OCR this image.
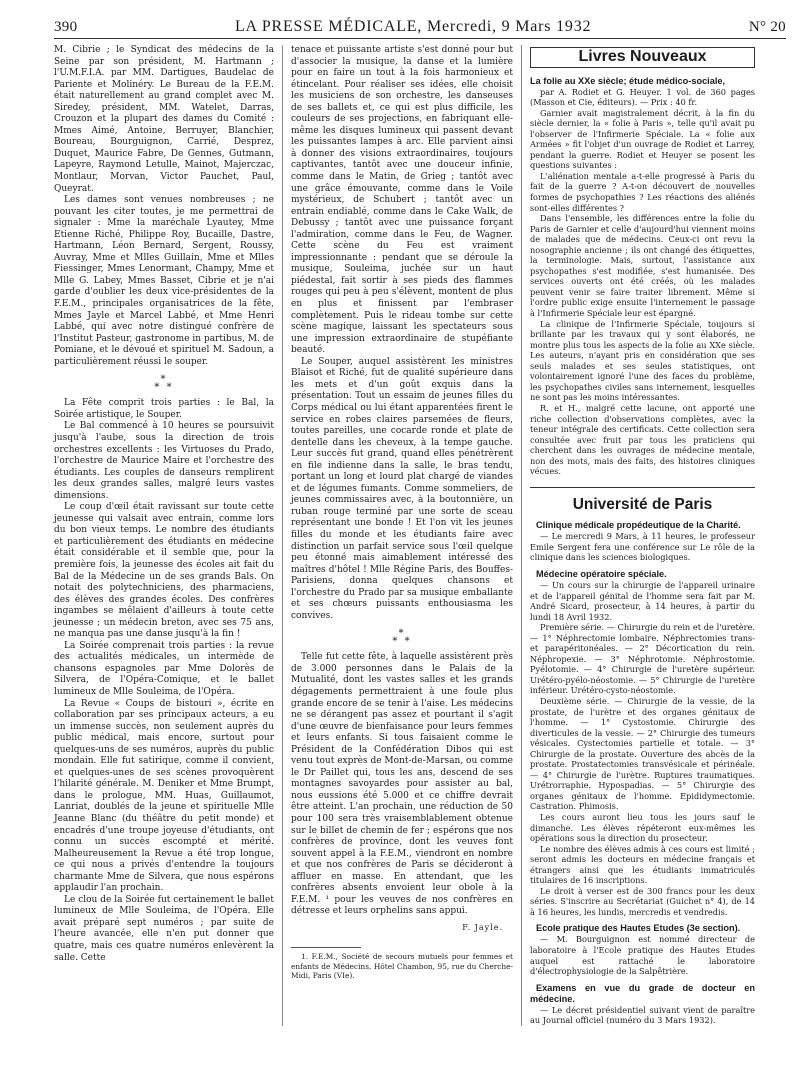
390	LA PRESSE MÉDICALE, Mercredi, 9 Mars 1932	N° 20

M. Cibrie ; le Syndicat des médecins de la Seine par son président, M. Hartmann ; l'U.M.F.I.A. par MM. Dartigues, Baudelac de Pariente et Molinéry. Le Bureau de la F.E.M. était naturellement au grand complet avec M. Siredey, président, MM. Watelet, Darras, Crouzon et la plupart des dames du Comité : Mmes Aimé, Antoine, Berruyer, Blanchier, Boureau, Bourguignon, Carrié, Desprez, Duquet, Maurice Fabre, De Gennes, Gutmann, Lapeyre, Raymond Letulle, Mainot, Majerczac, Montlaur, Morvan, Victor Pauchet, Paul, Queyrat.

Les dames sont venues nombreuses ; ne pouvant les citer toutes, je me permettrai de signaler : Mme la maréchale Lyautey, Mme Etienne Riché, Philippe Roy, Bucaille, Dastre, Hartmann, Léon Bernard, Sergent, Roussy, Auvray, Mme et Mlles Guillain, Mme et Mlles Fiessinger, Mmes Lenormant, Champy, Mme et Mlle G. Labey, Mmes Basset, Cibrie et je n'ai garde d'oublier les deux vice-présidentes de la F.E.M., principales organisatrices de la fête, Mmes Jayle et Marcel Labbé, et Mme Henri Labbé, qui avec notre distingué confrère de l'Institut Pasteur, gastronome in partibus, M. de Pomiane, et le dévoué et spirituel M. Sadoun, a particulièrement réussi le souper.

*
* *

La Fête comprit trois parties : le Bal, la Soirée artistique, le Souper.

Le Bal commencé à 10 heures se poursuivit jusqu'à l'aube, sous la direction de trois orchestres excellents : les Virtuoses du Prado, l'orchestre de Maurice Maire et l'orchestre des étudiants. Les couples de danseurs remplirent les deux grandes salles, malgré leurs vastes dimensions.

Le coup d'œil était ravissant sur toute cette jeunesse qui valsait avec entrain, comme lors du bon vieux temps. Le nombre des étudiants et particulièrement des étudiants en médecine était considérable et il semble que, pour la première fois, la jeunesse des écoles ait fait du Bal de la Médecine un de ses grands Bals. On notait des polytechniciens, des pharmaciens, des élèves des grandes écoles. Des confrères ingambes se mêlaient d'ailleurs à toute cette jeunesse ; un médecin breton, avec ses 75 ans, ne manqua pas une danse jusqu'à la fin !

La Soirée comprenait trois parties : la revue des actualités médicales, un intermède de chansons espagnoles par Mme Dolorès de Silvera, de l'Opéra-Comique, et le ballet lumineux de Mlle Souleima, de l'Opéra.

La Revue « Coups de bistouri », écrite en collaboration par ses principaux acteurs, a eu un immense succès, non seulement auprès du public médical, mais encore, surtout pour quelques-uns de ses numéros, auprès du public mondain. Elle fut satirique, comme il convient, et quelques-unes de ses scènes provoquèrent l'hilarité générale. M. Deniker et Mme Brumpt, dans le prologue, MM. Huas, Guillaumot, Lanriat, doublés de la jeune et spirituelle Mlle Jeanne Blanc (du théâtre du petit monde) et encadrés d'une troupe joyeuse d'étudiants, ont connu un succès escompté et mérité. Malheureusement la Revue a été trop longue, ce qui nous a privés d'entendre la toujours charmante Mme de Silvera, que nous espérons applaudir l'an prochain.

Le clou de la Soirée fut certainement le ballet lumineux de Mlle Souleima, de l'Opéra. Elle avait préparé sept numéros ; par suite de l'heure avancée, elle n'en put donner que quatre, mais ces quatre numéros enlevèrent la salle. Cette

tenace et puissante artiste s'est donné pour but d'associer la musique, la danse et la lumière pour en faire un tout à la fois harmonieux et étincelant. Pour réaliser ses idées, elle choisit les musiciens de son orchestre, les danseuses de ses ballets et, ce qui est plus difficile, les couleurs de ses projections, en fabriquant elle-même les disques lumineux qui passent devant les puissantes lampes à arc. Elle parvient ainsi à donner des visions extraordinaires, toujours captivantes, tantôt avec une douceur infinie, comme dans le Matin, de Grieg ; tantôt avec une grâce émouvante, comme dans le Voile mystérieux, de Schubert ; tantôt avec un entrain endiablé, comme dans le Cake Walk, de Debussy ; tantôt avec une puissance forçant l'admiration, comme dans le Feu, de Wagner. Cette scène du Feu est vraiment impressionnante : pendant que se déroule la musique, Souleima, juchée sur un haut piédestal, fait sortir à ses pieds des flammes rouges qui peu à peu s'élèvent, montent de plus en plus et finissent par l'embraser complètement. Puis le rideau tombe sur cette scène magique, laissant les spectateurs sous une impression extraordinaire de stupéfiante beauté.

Le Souper, auquel assistèrent les ministres Blaisot et Riché, fut de qualité supérieure dans les mets et d'un goût exquis dans la présentation. Tout un essaim de jeunes filles du Corps médical ou lui étant apparentées firent le service en robes claires parsemées de fleurs, toutes pareilles, une cocarde ronde et plate de dentelle dans les cheveux, à la tempe gauche. Leur succès fut grand, quand elles pénétrèrent en file indienne dans la salle, le bras tendu, portant un long et lourd plat chargé de viandes et de légumes fumants. Comme sommeliers, de jeunes commissaires avec, à la boutonnière, un ruban rouge terminé par une sorte de sceau représentant une bonde ! Et l'on vit les jeunes filles du monde et les étudiants faire avec distinction un parfait service sous l'œil quelque peu étonné mais aimablement intéressé des maîtres d'hôtel ! Mlle Régine Paris, des Bouffes-Parisiens, donna quelques chansons et l'orchestre du Prado par sa musique emballante et ses chœurs puissants enthousiasma les convives.

*
* *

Telle fut cette fête, à laquelle assistèrent près de 3.000 personnes dans le Palais de la Mutualité, dont les vastes salles et les grands dégagements permettraient à une foule plus grande encore de se tenir à l'aise. Les médecins ne se dérangent pas assez et pourtant il s'agit d'une œuvre de bienfaisance pour leurs femmes et leurs enfants. Si tous faisaient comme le Président de la Confédération Dibos qui est venu tout exprès de Mont-de-Marsan, ou comme le Dr Paillet qui, tous les ans, descend de ses montagnes savoyardes pour assister au bal, nous eussions été 5.000 et ce chiffre devrait être atteint. L'an prochain, une réduction de 50 pour 100 sera très vraisemblablement obtenue sur le billet de chemin de fer ; espérons que nos confrères de province, dont les veuves font souvent appel à la F.E.M., viendront en nombre et que nos confrères de Paris se décideront à affluer en masse. En attendant, que les confrères absents envoient leur obole à la F.E.M. ¹ pour les veuves de nos confrères en détresse et leurs orphelins sans appui.

F. Jayle.

1. F.E.M., Société de secours mutuels pour femmes et enfants de Médecins, Hôtel Chambon, 95, rue du Cherche-Midi, Paris (VIe).

Livres Nouveaux
La folie au XXe siècle; étude médico-sociale,

par A. Rodiet et G. Heuyer. 1 vol. de 360 pages (Masson et Cie, éditeurs). — Prix : 40 fr.

Garnier avait magistralement décrit, à la fin du siècle dernier, la « folie à Paris », telle qu'il avait pu l'observer de l'Infirmerie Spéciale. La « folie aux Armées » fit l'objet d'un ouvrage de Rodiet et Larrey, pendant la guerre. Rodiet et Heuyer se posent les questions suivantes :

L'aliénation mentale a-t-elle progressé à Paris du fait de la guerre ? A-t-on découvert de nouvelles formes de psychopathies ? Les réactions des aliénés sont-elles différentes ?

Dans l'ensemble, les différences entre la folie du Paris de Garnier et celle d'aujourd'hui viennent moins de malades que de médecins. Ceux-ci ont revu la nosographie ancienne ; ils ont changé des étiquettes, la terminologie. Mais, surtout, l'assistance aux psychopathes s'est modifiée, s'est humanisée. Des services ouverts ont été créés, où les malades peuvent venir se faire traiter librement. Même si l'ordre public exige ensuite l'internement le passage à l'Infirmerie Spéciale leur est épargné.

La clinique de l'Infirmerie Spéciale, toujours si brillante par les travaux qui y sont élaborés, ne montre plus tous les aspects de la folie au XXe siècle. Les auteurs, n'ayant pris en considération que ses seuls malades et ses seules statistiques, ont volontairement ignoré l'une des faces du problème, les psychopathes civiles sans internement, lesquelles ne sont pas les moins intéressantes.

R. et H., malgré cette lacune, ont apporté une riche collection d'observations complètes, avec la teneur intégrale des certificats. Cette collection sera consultée avec fruit par tous les praticiens qui cherchent dans les ouvrages de médecine mentale, non des mots, mais des faits, des histoires cliniques vécues.

Université de Paris
Clinique médicale propédeutique de la Charité.

— Le mercredi 9 Mars, à 11 heures, le professeur Emile Sergent fera une conférence sur Le rôle de la clinique dans les sciences biologiques.

Médecine opératoire spéciale.

— Un cours sur la chirurgie de l'appareil urinaire et de l'appareil génital de l'homme sera fait par M. André Sicard, prosecteur, à 14 heures, à partir du lundi 18 Avril 1932.

Première série. — Chirurgie du rein et de l'uretère. — 1° Néphrectomie lombaire. Néphrectomies trans- et parapéritonéales. — 2° Décortication du rein. Néphropexie. — 3° Néphrotomie. Néphrostomie. Pyélotomie. — 4° Chirurgie de l'uretère supérieur. Urétéro-pyélo-néostomie. — 5° Chirurgie de l'uretère inférieur. Urétéro-cysto-néostomie.

Deuxième série. — Chirurgie de la vessie, de la prostate, de l'urètre et des organes génitaux de l'homme. — 1° Cystostomie. Chirurgie des diverticules de la vessie. — 2° Chirurgie des tumeurs vésicales. Cystectomies partielle et totale. — 3° Chirurgie de la prostate. Ouverture des abcès de la prostate. Prostatectomies transvésicale et périnéale. — 4° Chirurgie de l'urètre. Ruptures traumatiques. Urétrorraphie. Hypospadias. — 5° Chirurgie des organes génitaux de l'homme. Epididymectomie. Castration. Phimosis.

Les cours auront lieu tous les jours sauf le dimanche. Les élèves répéteront eux-mêmes les opérations sous la direction du prosecteur.

Le nombre des élèves admis à ces cours est limité ; seront admis les docteurs en médecine français et étrangers ainsi que les étudiants immatriculés titulaires de 16 inscriptions.

Le droit à verser est de 300 francs pour les deux séries. S'inscrire au Secrétariat (Guichet n° 4), de 14 à 16 heures, les lundis, mercredis et vendredis.

Ecole pratique des Hautes Etudes (3e section).

— M. Bourguignon est nommé directeur de laboratoire à l'Ecole pratique des Hautes Etudes auquel est rattaché le laboratoire d'électrophysiologie de la Salpêtrière.

Examens en vue du grade de docteur en médecine.

— Le décret présidentiel suivant vient de paraître au Journal officiel (numéro du 3 Mars 1932).
